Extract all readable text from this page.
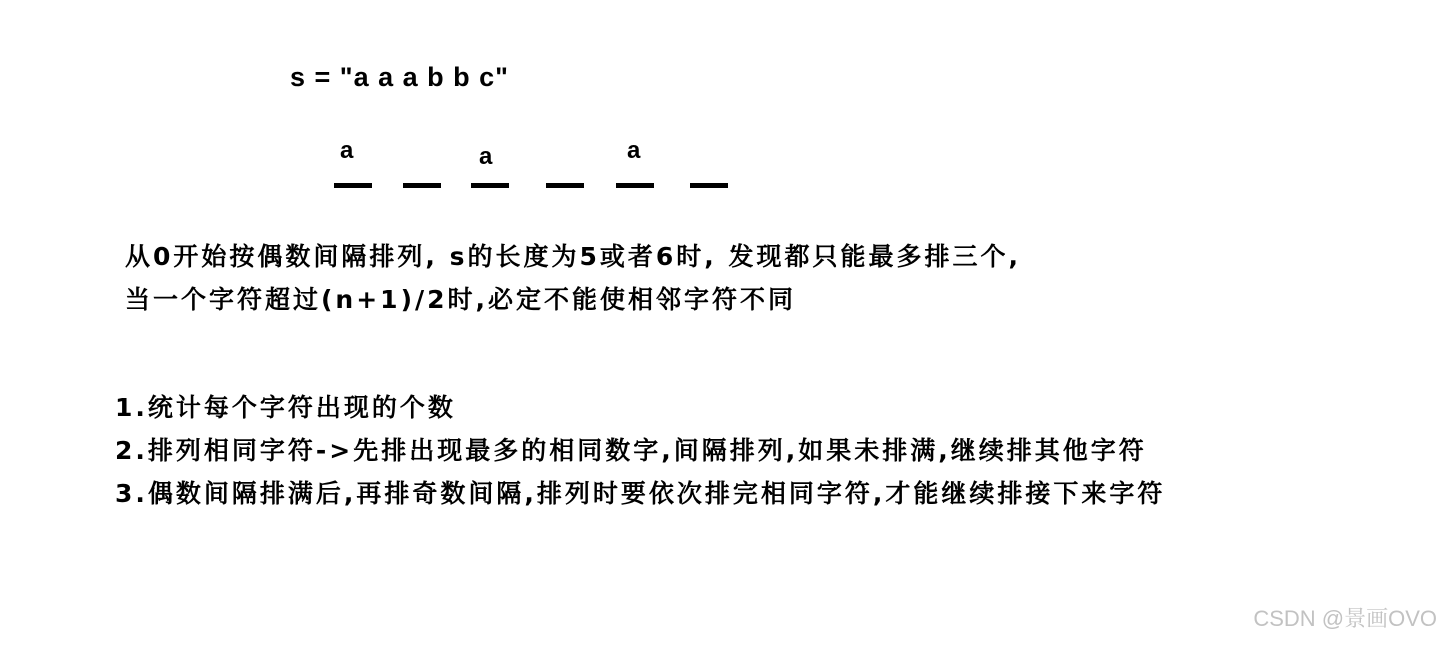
s = "a a a b b c"
a	a	a
从0开始按偶数间隔排列, s的长度为5或者6时, 发现都只能最多排三个,
当一个字符超过(n+1)/2时,必定不能使相邻字符不同
1.统计每个字符出现的个数
2.排列相同字符->先排出现最多的相同数字,间隔排列,如果未排满,继续排其他字符
3.偶数间隔排满后,再排奇数间隔,排列时要依次排完相同字符,才能继续排接下来字符
CSDN @景画OVO
